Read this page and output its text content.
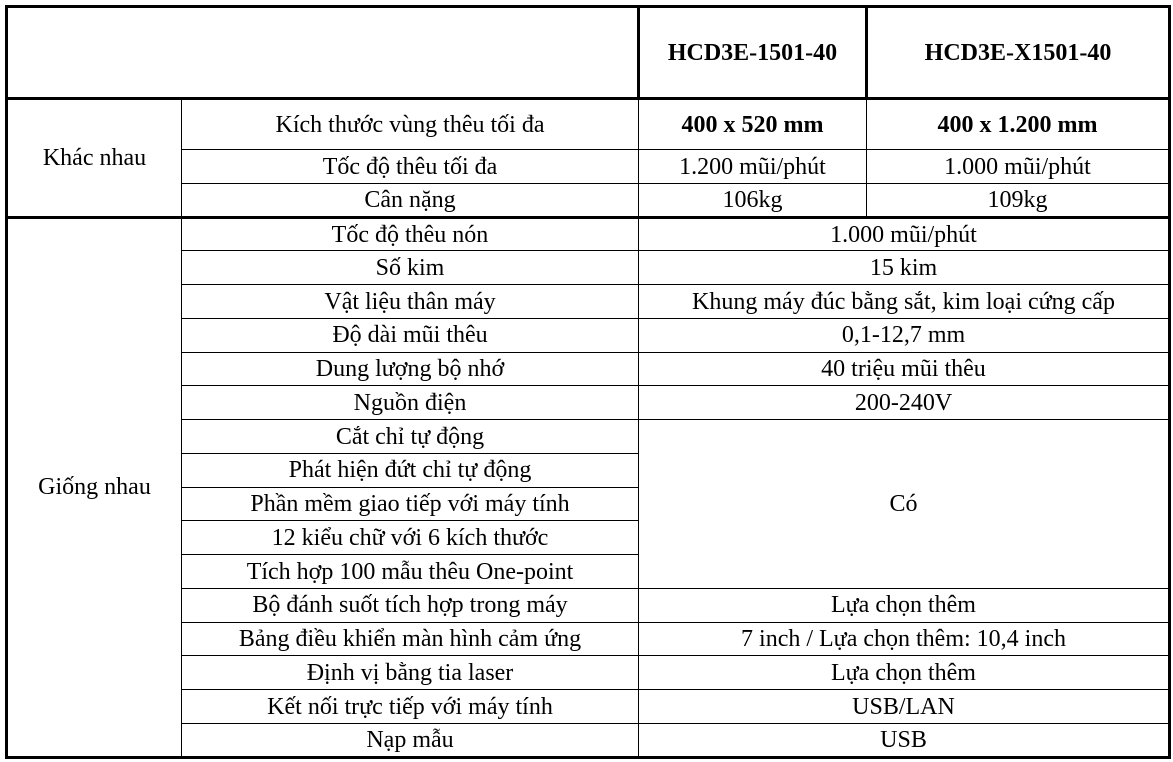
		HCD3E-1501-40	HCD3E-X1501-40
Khác nhau	Kích thước vùng thêu tối đa	400 x 520 mm	400 x 1.200 mm
	Tốc độ thêu tối đa	1.200 mũi/phút	1.000 mũi/phút
	Cân nặng	106kg	109kg
Giống nhau	Tốc độ thêu nón	1.000 mũi/phút	
	Số kim	15 kim	
	Vật liệu thân máy	Khung máy đúc bằng sắt, kim loại cứng cấp	
	Độ dài mũi thêu	0,1-12,7 mm	
	Dung lượng bộ nhớ	40 triệu mũi thêu	
	Nguồn điện	200-240V	
	Cắt chỉ tự động	Có	
	Phát hiện đứt chỉ tự động		
	Phần mềm giao tiếp với máy tính		
	12 kiểu chữ với 6 kích thước		
	Tích hợp 100 mẫu thêu One-point		
	Bộ đánh suốt tích hợp trong máy	Lựa chọn thêm	
	Bảng điều khiển màn hình cảm ứng	7 inch / Lựa chọn thêm: 10,4 inch	
	Định vị bằng tia laser	Lựa chọn thêm	
	Kết nối trực tiếp với máy tính	USB/LAN	
	Nạp mẫu	USB	
